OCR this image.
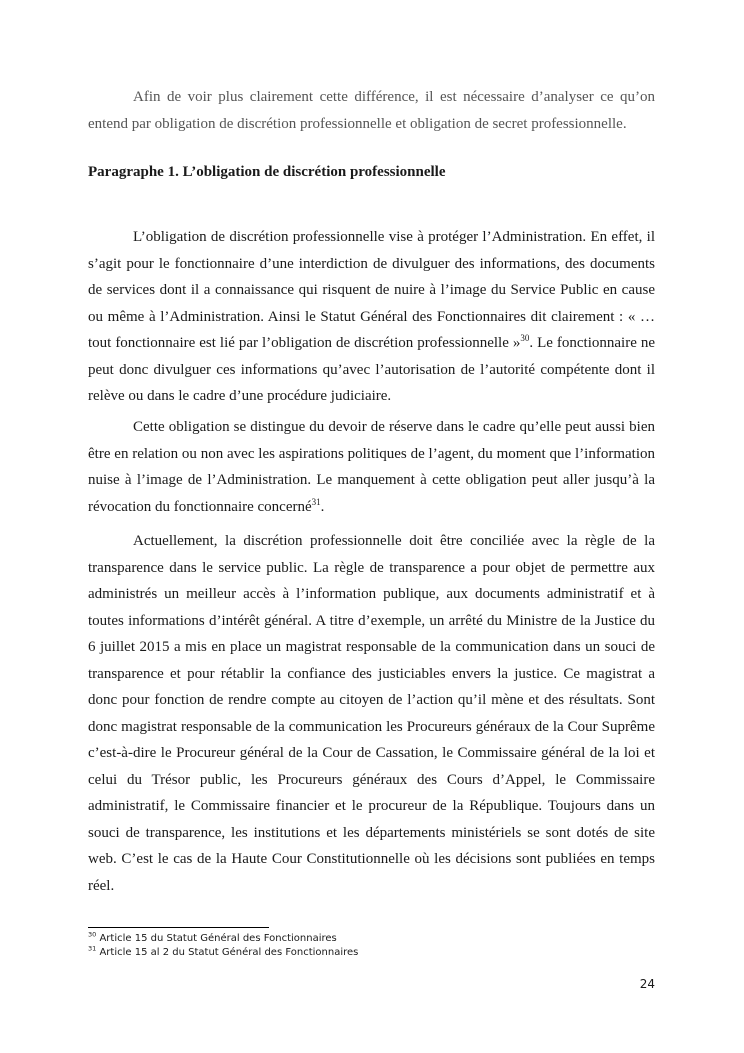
Afin de voir plus clairement cette différence, il est nécessaire d’analyser ce qu’on entend par obligation de discrétion professionnelle et obligation de secret professionnelle.

Paragraphe 1. L’obligation de discrétion professionnelle

L’obligation de discrétion professionnelle vise à protéger l’Administration. En effet, il s’agit pour le fonctionnaire d’une interdiction de divulguer des informations, des documents de services dont il a connaissance qui risquent de nuire à l’image du Service Public en cause ou même à l’Administration. Ainsi le Statut Général des Fonctionnaires dit clairement : « … tout fonctionnaire est lié par l’obligation de discrétion professionnelle »$^{30}$. Le fonctionnaire ne peut donc divulguer ces informations qu’avec l’autorisation de l’autorité compétente dont il relève ou dans le cadre d’une procédure judiciaire.

Cette obligation se distingue du devoir de réserve dans le cadre qu’elle peut aussi bien être en relation ou non avec les aspirations politiques de l’agent, du moment que l’information nuise à l’image de l’Administration. Le manquement à cette obligation peut aller jusqu’à la révocation du fonctionnaire concerné$^{31}$.

Actuellement, la discrétion professionnelle doit être conciliée avec la règle de la transparence dans le service public. La règle de transparence a pour objet de permettre aux administrés un meilleur accès à l’information publique, aux documents administratif et à toutes informations d’intérêt général. A titre d’exemple, un arrêté du Ministre de la Justice du 6 juillet 2015 a mis en place un magistrat responsable de la communication dans un souci de transparence et pour rétablir la confiance des justiciables envers la justice. Ce magistrat a donc pour fonction de rendre compte au citoyen de l’action qu’il mène et des résultats. Sont donc magistrat responsable de la communication les Procureurs généraux de la Cour Suprême c’est-à-dire le Procureur général de la Cour de Cassation, le Commissaire général de la loi et celui du Trésor public, les Procureurs généraux des Cours d’Appel, le Commissaire administratif, le Commissaire financier et le procureur de la République. Toujours dans un souci de transparence, les institutions et les départements ministériels se sont dotés de site web. C’est le cas de la Haute Cour Constitutionnelle où les décisions sont publiées en temps réel.

$^{30}$ Article 15 du Statut Général des Fonctionnaires

$^{31}$ Article 15 al 2 du Statut Général des Fonctionnaires

24
